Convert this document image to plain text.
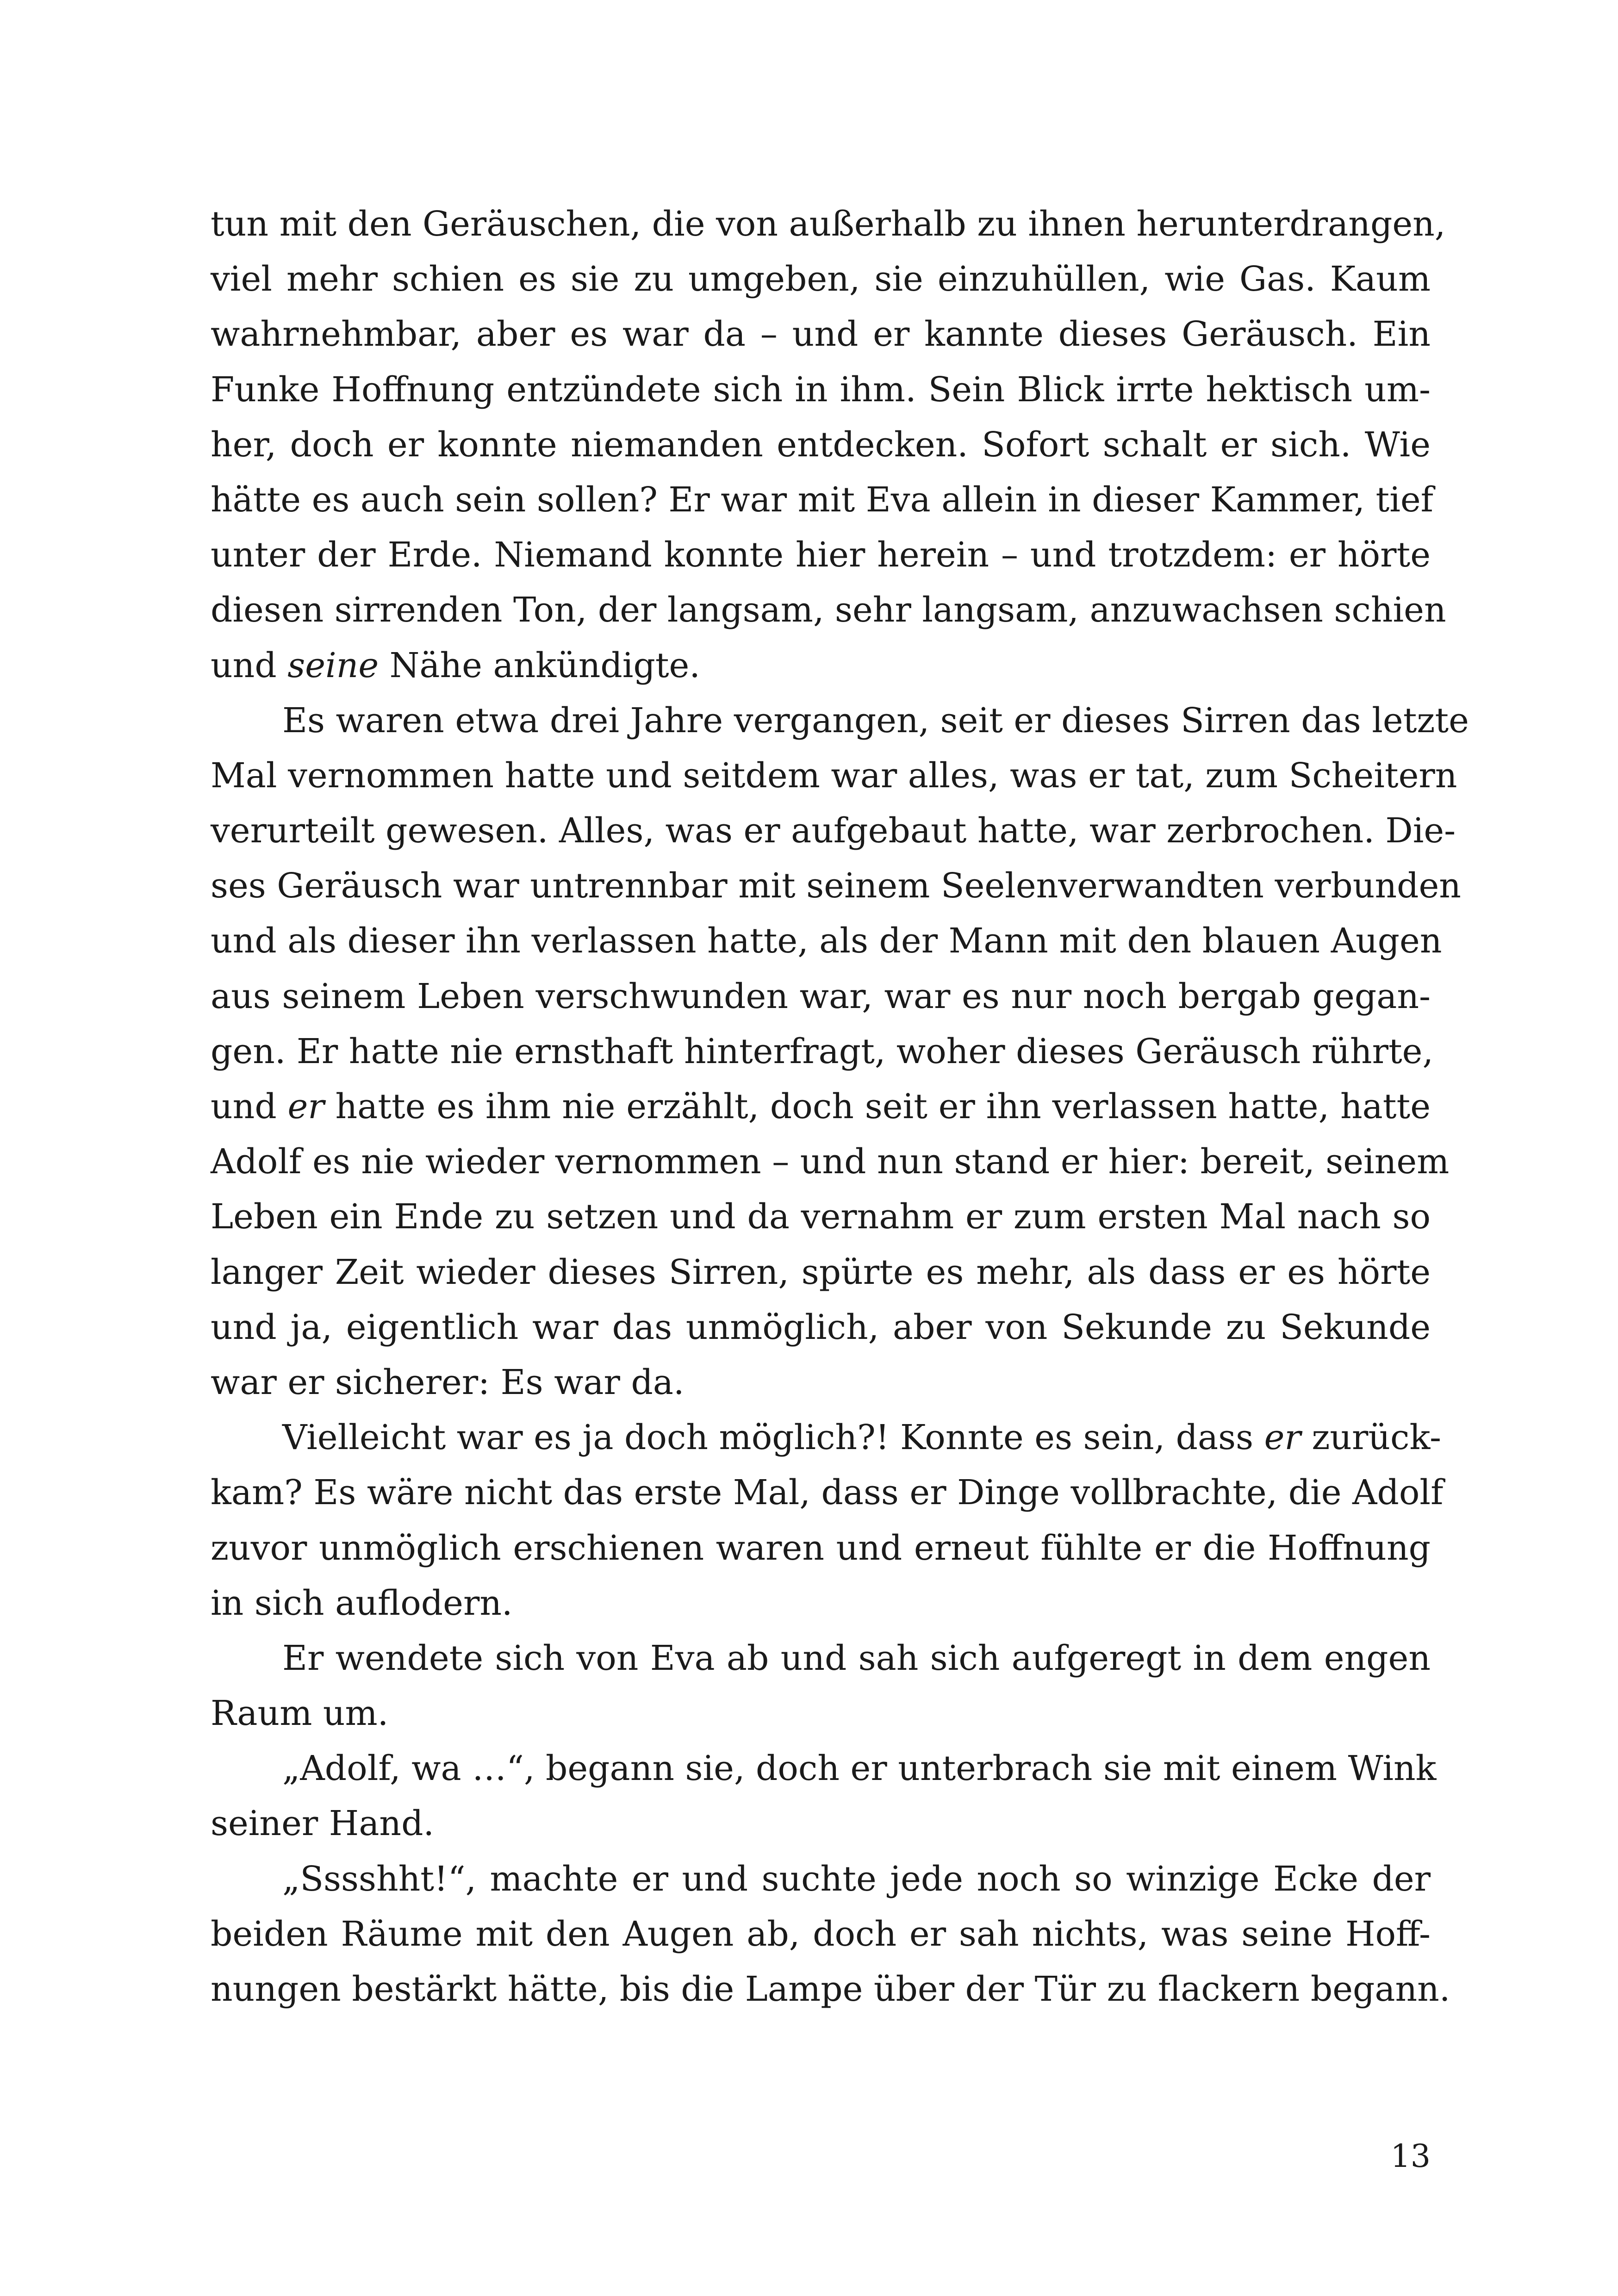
tun mit den Geräuschen, die von außerhalb zu ihnen herunterdrangen,
viel mehr schien es sie zu umgeben, sie einzuhüllen, wie Gas. Kaum
wahrnehmbar, aber es war da – und er kannte dieses Geräusch. Ein
Funke Hoffnung entzündete sich in ihm. Sein Blick irrte hektisch um-
her, doch er konnte niemanden entdecken. Sofort schalt er sich. Wie
hätte es auch sein sollen? Er war mit Eva allein in dieser Kammer, tief
unter der Erde. Niemand konnte hier herein – und trotzdem: er hörte
diesen sirrenden Ton, der langsam, sehr langsam, anzuwachsen schien
und seine Nähe ankündigte.
Es waren etwa drei Jahre vergangen, seit er dieses Sirren das letzte
Mal vernommen hatte und seitdem war alles, was er tat, zum Scheitern
verurteilt gewesen. Alles, was er aufgebaut hatte, war zerbrochen. Die-
ses Geräusch war untrennbar mit seinem Seelenverwandten verbunden
und als dieser ihn verlassen hatte, als der Mann mit den blauen Augen
aus seinem Leben verschwunden war, war es nur noch bergab gegan-
gen. Er hatte nie ernsthaft hinterfragt, woher dieses Geräusch rührte,
und er hatte es ihm nie erzählt, doch seit er ihn verlassen hatte, hatte
Adolf es nie wieder vernommen – und nun stand er hier: bereit, seinem
Leben ein Ende zu setzen und da vernahm er zum ersten Mal nach so
langer Zeit wieder dieses Sirren, spürte es mehr, als dass er es hörte
und ja, eigentlich war das unmöglich, aber von Sekunde zu Sekunde
war er sicherer: Es war da.
Vielleicht war es ja doch möglich?! Konnte es sein, dass er zurück-
kam? Es wäre nicht das erste Mal, dass er Dinge vollbrachte, die Adolf
zuvor unmöglich erschienen waren und erneut fühlte er die Hoffnung
in sich auflodern.
Er wendete sich von Eva ab und sah sich aufgeregt in dem engen
Raum um.
„Adolf, wa …“, begann sie, doch er unterbrach sie mit einem Wink
seiner Hand.
„Sssshht!“, machte er und suchte jede noch so winzige Ecke der
beiden Räume mit den Augen ab, doch er sah nichts, was seine Hoff-
nungen bestärkt hätte, bis die Lampe über der Tür zu flackern begann.
13
